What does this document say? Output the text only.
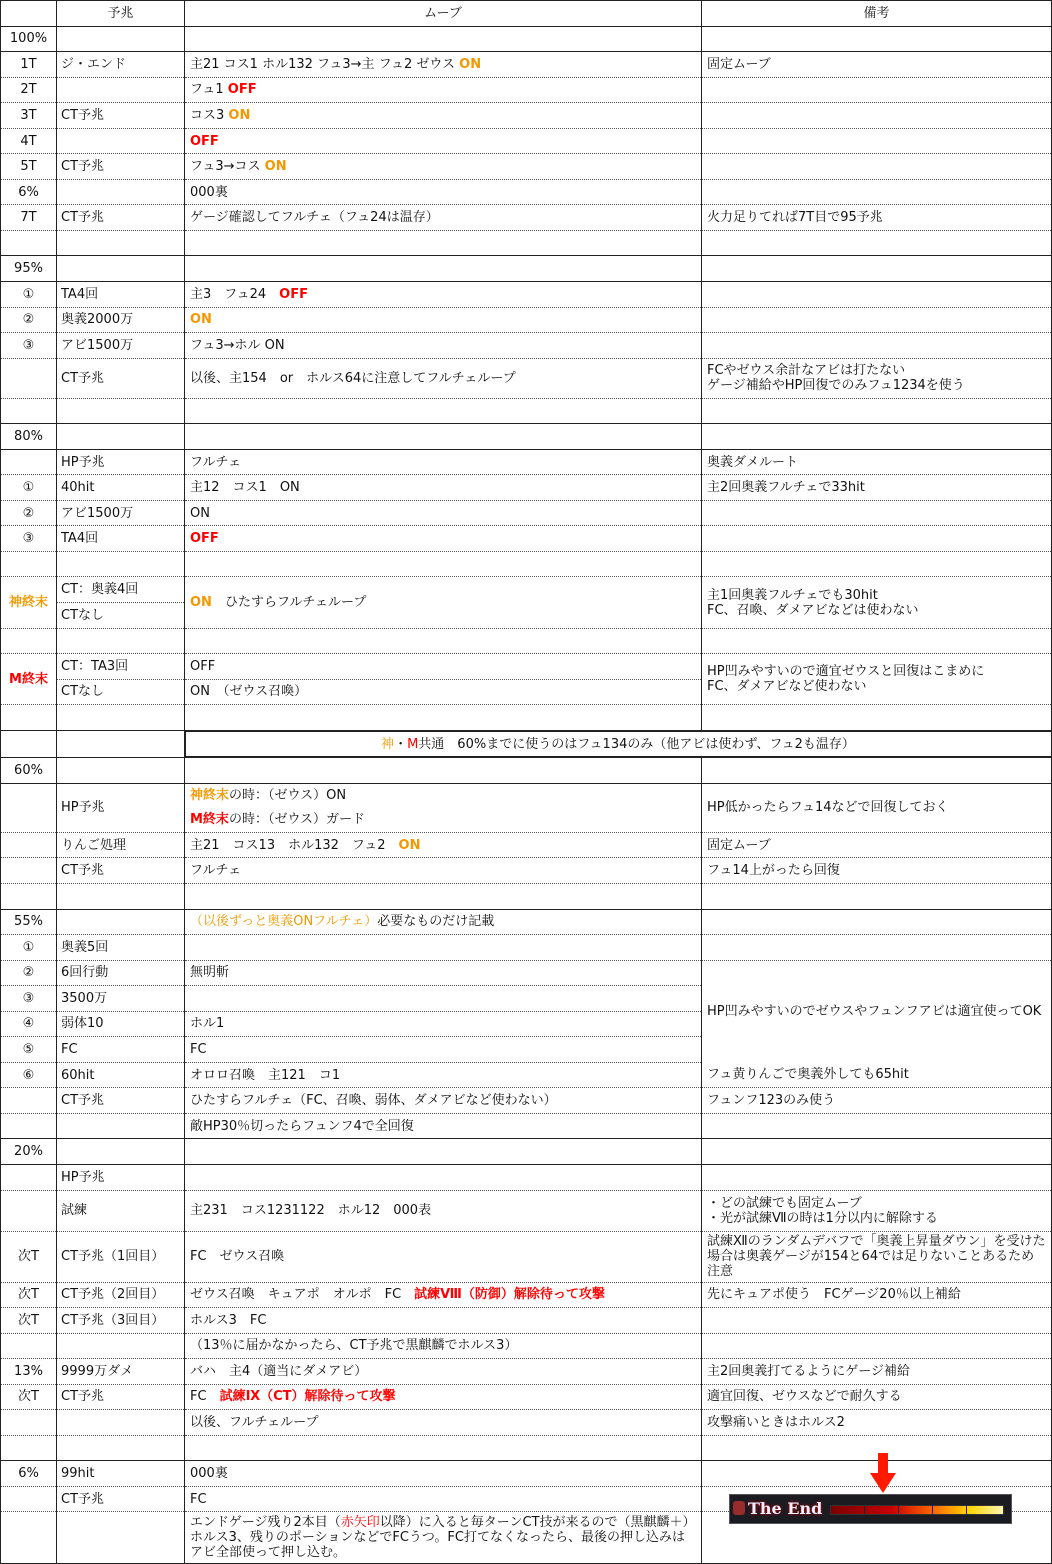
	予兆	ムーブ	備考
100%			
1T	ジ・エンド	主21 コス1 ホル132 フュ3→主 フュ2 ゼウス ON	固定ムーブ
2T		フュ1 OFF	
3T	CT予兆	コス3 ON	
4T		OFF	
5T	CT予兆	フュ3→コス ON	
6%		000裏	
7T	CT予兆	ゲージ確認してフルチェ（フュ24は温存）	火力足りてれば7T目で95予兆

95%			
①	TA4回	主3　フュ24　OFF	
②	奥義2000万	ON	
③	アビ1500万	フュ3→ホル ON	
	CT予兆	以後、主154　or　ホルス64に注意してフルチェループ	FCやゼウス余計なアビは打たない
ゲージ補給やHP回復でのみフュ1234を使う

80%			
	HP予兆	フルチェ	奥義ダメルート
①	40hit	主12　コス1　ON	主2回奥義フルチェで33hit
②	アビ1500万	ON	
③	TA4回	OFF	

神終末	CT：奥義4回	ON　ひたすらフルチェループ	主1回奥義フルチェでも30hit
FC、召喚、ダメアビなどは使わない

	CTなし		

M終末	CT：TA3回	OFF	HP凹みやすいので適宜ゼウスと回復はこまめに
FC、ダメアビなど使わない

	CTなし	ON　（ゼウス召喚）	

		神・M共通　60%までに使うのはフュ134のみ（他アビは使わず、フュ2も温存）	
60%			
	HP予兆	神終末の時：（ゼウス）ON
M終末の時：（ゼウス）ガード	HP低かったらフュ14などで回復しておく
	りんご処理	主21　コス13　ホル132　フュ2　ON	固定ムーブ
	CT予兆	フルチェ	フュ14上がったら回復

55%		（以後ずっと奥義ONフルチェ）必要なものだけ記載	
①	奥義5回		
②	6回行動	無明斬	HP凹みやすいのでゼウスやフュンフアビは適宜使ってOK
③	3500万		
④	弱体10	ホル1	
⑤	FC	FC	
⑥	60hit	オロロ召喚　主121　コ1	フュ黄りんごで奥義外しても65hit
	CT予兆	ひたすらフルチェ（FC、召喚、弱体、ダメアビなど使わない）	フュンフ123のみ使う
		敵HP30％切ったらフュンフ4で全回復	
20%			
	HP予兆		
	試練	主231　コス1231122　ホル12　000表	・どの試練でも固定ムーブ
・光が試練Ⅶの時は1分以内に解除する

次T	CT予兆（1回目）	FC　ゼウス召喚	試練Ⅻのランダムデバフで「奥義上昇量ダウン」を受けた場合は奥義ゲージが154と64では足りないことあるため注意
次T	CT予兆（2回目）	ゼウス召喚　キュアポ　オルポ　FC　試練Ⅷ（防御）解除待って攻撃	先にキュアポ使う　FCゲージ20％以上補給
次T	CT予兆（3回目）	ホルス3　FC	
		（13％に届かなかったら、CT予兆で黒麒麟でホルス3）	
13%	9999万ダメ	バハ　主4（適当にダメアビ）	主2回奥義打てるようにゲージ補給
次T	CT予兆	FC　試練Ⅸ（CT）解除待って攻撃	適宜回復、ゼウスなどで耐久する
		以後、フルチェループ	攻撃痛いときはホルス2

6%	99hit	000裏	
	CT予兆	FC	
		エンドゲージ残り2本目（赤矢印以降）に入ると毎ターンCT技が来るので（黒麒麟＋）ホルス3、残りのポーションなどでFCうつ。FC打てなくなったら、最後の押し込みはアビ全部使って押し込む。	
The End
